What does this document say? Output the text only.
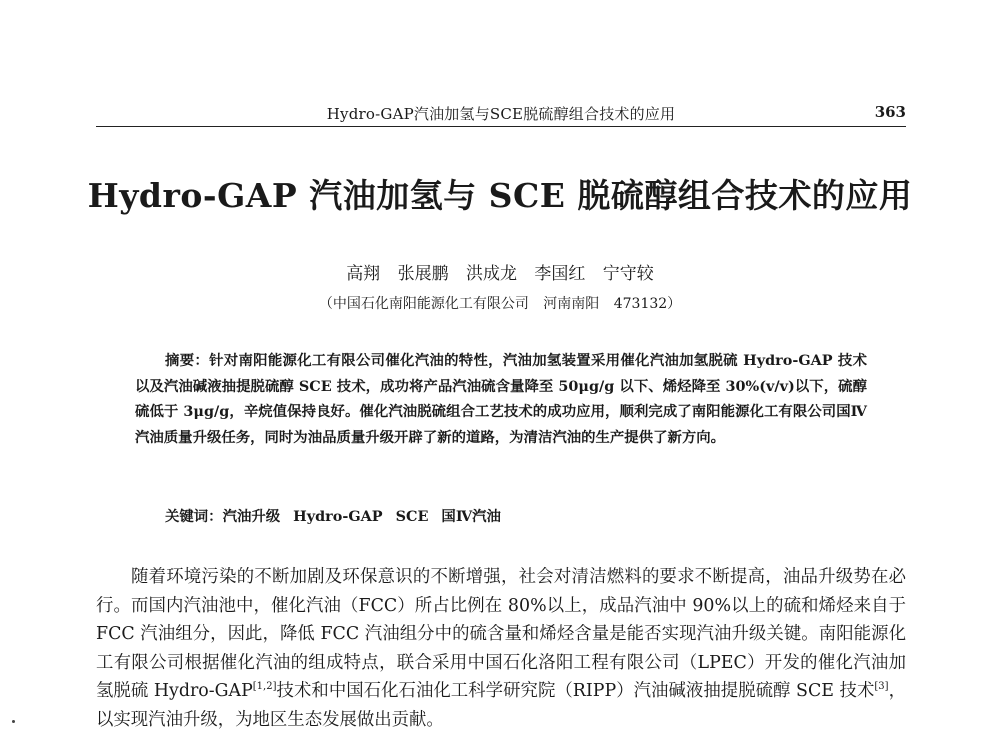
Hydro-GAP汽油加氢与SCE脱硫醇组合技术的应用	363
Hydro-GAP 汽油加氢与 SCE 脱硫醇组合技术的应用
高翔 张展鹏 洪成龙 李国红 宁守较
（中国石化南阳能源化工有限公司 河南南阳 473132）
摘要：针对南阳能源化工有限公司催化汽油的特性，汽油加氢装置采用催化汽油加氢脱硫 Hydro-GAP 技术以及汽油碱液抽提脱硫醇 SCE 技术，成功将产品汽油硫含量降至 50μg/g 以下、烯烃降至 30%(v/v)以下，硫醇硫低于 3μg/g，辛烷值保持良好。催化汽油脱硫组合工艺技术的成功应用，顺利完成了南阳能源化工有限公司国Ⅳ汽油质量升级任务，同时为油品质量升级开辟了新的道路，为清洁汽油的生产提供了新方向。
关键词：汽油升级 Hydro-GAP SCE 国Ⅳ汽油
随着环境污染的不断加剧及环保意识的不断增强，社会对清洁燃料的要求不断提高，油品升级势在必行。而国内汽油池中，催化汽油（FCC）所占比例在 80%以上，成品汽油中 90%以上的硫和烯烃来自于 FCC 汽油组分，因此，降低 FCC 汽油组分中的硫含量和烯烃含量是能否实现汽油升级关键。南阳能源化工有限公司根据催化汽油的组成特点，联合采用中国石化洛阳工程有限公司（LPEC）开发的催化汽油加氢脱硫 Hydro-GAP[1,2]技术和中国石化石油化工科学研究院（RIPP）汽油碱液抽提脱硫醇 SCE 技术[3]，以实现汽油升级，为地区生态发展做出贡献。
